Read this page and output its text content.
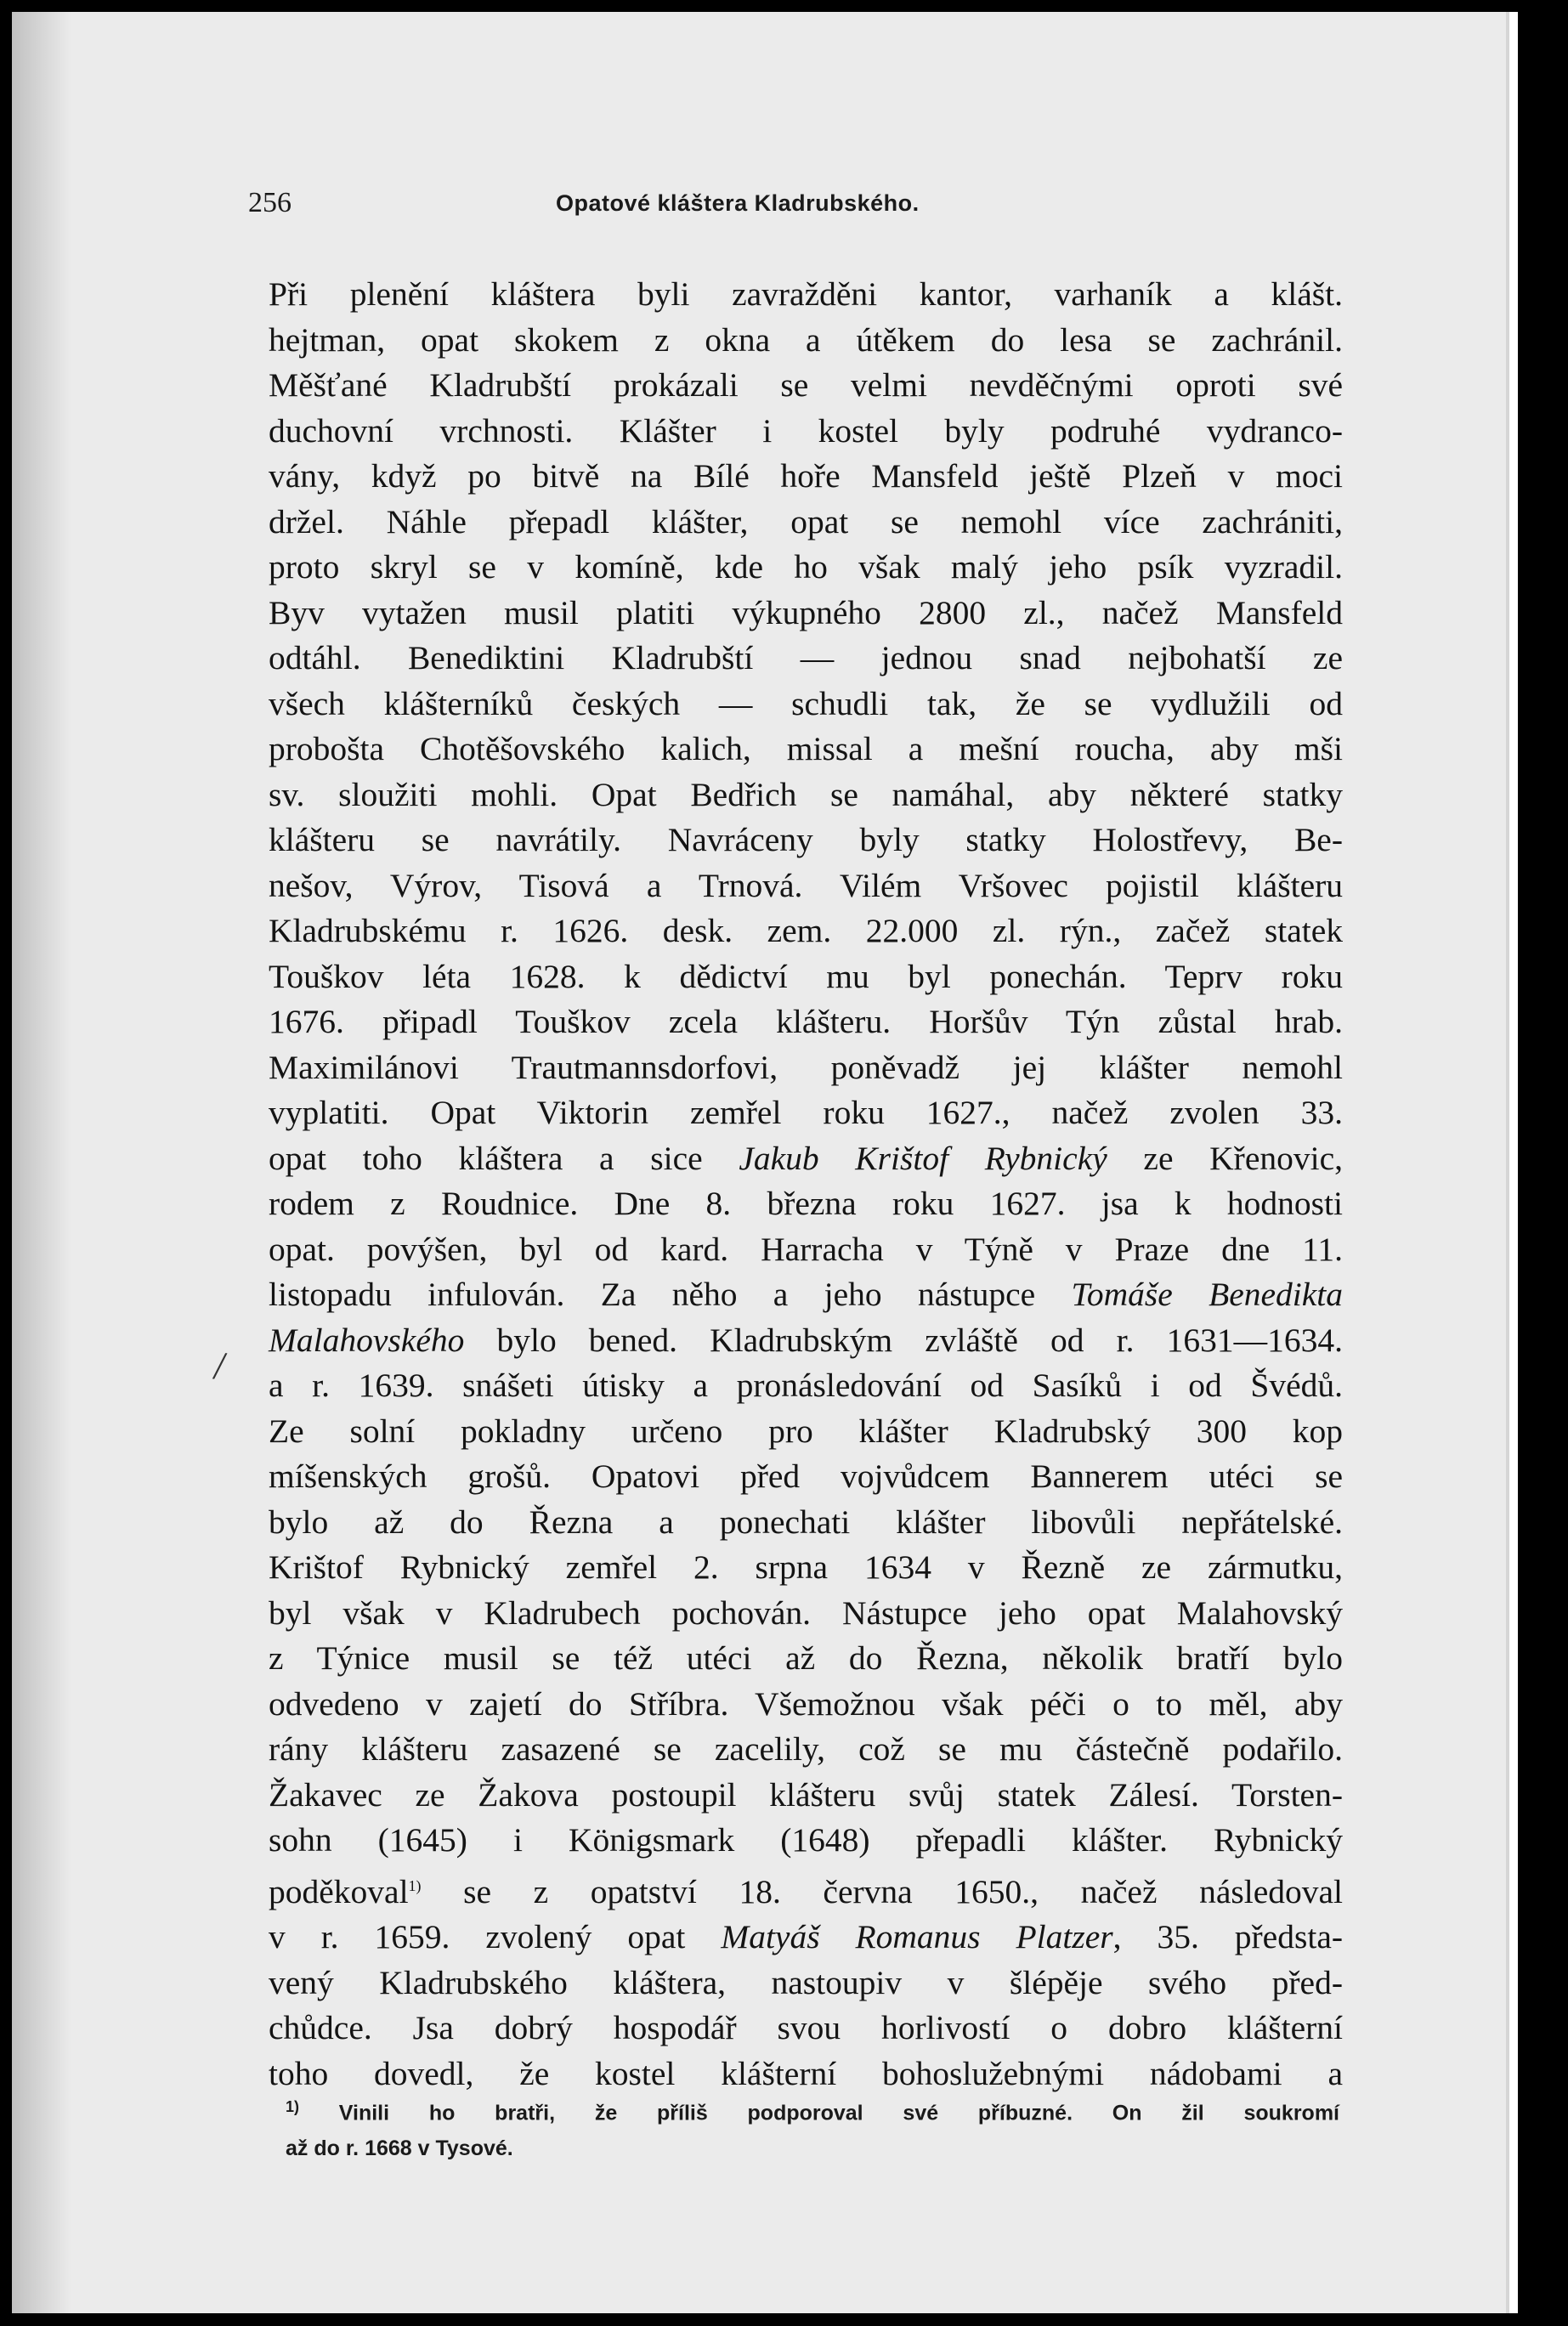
256	Opatové kláštera Kladrubského.
/
Při plenění kláštera byli zavražděni kantor, varhaník a klášt.
hejtman, opat skokem z okna a útěkem do lesa se zachránil.
Měšťané Kladrubští prokázali se velmi nevděčnými oproti své
duchovní vrchnosti. Klášter i kostel byly podruhé vydranco-
vány, když po bitvě na Bílé hoře Mansfeld ještě Plzeň v moci
držel. Náhle přepadl klášter, opat se nemohl více zachrániti,
proto skryl se v komíně, kde ho však malý jeho psík vyzradil.
Byv vytažen musil platiti výkupného 2800 zl., načež Mansfeld
odtáhl. Benediktini Kladrubští — jednou snad nejbohatší ze
všech klášterníků českých — schudli tak, že se vydlužili od
probošta Chotěšovského kalich, missal a mešní roucha, aby mši
sv. sloužiti mohli. Opat Bedřich se namáhal, aby některé statky
klášteru se navrátily. Navráceny byly statky Holostřevy, Be-
nešov, Výrov, Tisová a Trnová. Vilém Vršovec pojistil klášteru
Kladrubskému r. 1626. desk. zem. 22.000 zl. rýn., začež statek
Touškov léta 1628. k dědictví mu byl ponechán. Teprv roku
1676. připadl Touškov zcela klášteru. Horšův Týn zůstal hrab.
Maximilánovi Trautmannsdorfovi, poněvadž jej klášter nemohl
vyplatiti. Opat Viktorin zemřel roku 1627., načež zvolen 33.
opat toho kláštera a sice Jakub Krištof Rybnický ze Křenovic,
rodem z Roudnice. Dne 8. března roku 1627. jsa k hodnosti
opat. povýšen, byl od kard. Harracha v Týně v Praze dne 11.
listopadu infulován. Za něho a jeho nástupce Tomáše Benedikta
Malahovského bylo bened. Kladrubským zvláště od r. 1631—1634.
a r. 1639. snášeti útisky a pronásledování od Sasíků i od Švédů.
Ze solní pokladny určeno pro klášter Kladrubský 300 kop
míšenských grošů. Opatovi před vojvůdcem Bannerem utéci se
bylo až do Řezna a ponechati klášter libovůli nepřátelské.
Krištof Rybnický zemřel 2. srpna 1634 v Řezně ze zármutku,
byl však v Kladrubech pochován. Nástupce jeho opat Malahovský
z Týnice musil se též utéci až do Řezna, několik bratří bylo
odvedeno v zajetí do Stříbra. Všemožnou však péči o to měl, aby
rány klášteru zasazené se zacelily, což se mu částečně podařilo.
Žakavec ze Žakova postoupil klášteru svůj statek Zálesí. Torsten-
sohn (1645) i Königsmark (1648) přepadli klášter. Rybnický
poděkoval$^{1)}$ se z opatství 18. června 1650., načež následoval
v r. 1659. zvolený opat Matyáš Romanus Platzer, 35. předsta-
vený Kladrubského kláštera, nastoupiv v šlépěje svého před-
chůdce. Jsa dobrý hospodář svou horlivostí o dobro klášterní
toho dovedl, že kostel klášterní bohoslužebnými nádobami a
$^{1)}$ Vinili ho bratři, že příliš podporoval své příbuzné. On žil soukromí
až do r. 1668 v Tysové.
